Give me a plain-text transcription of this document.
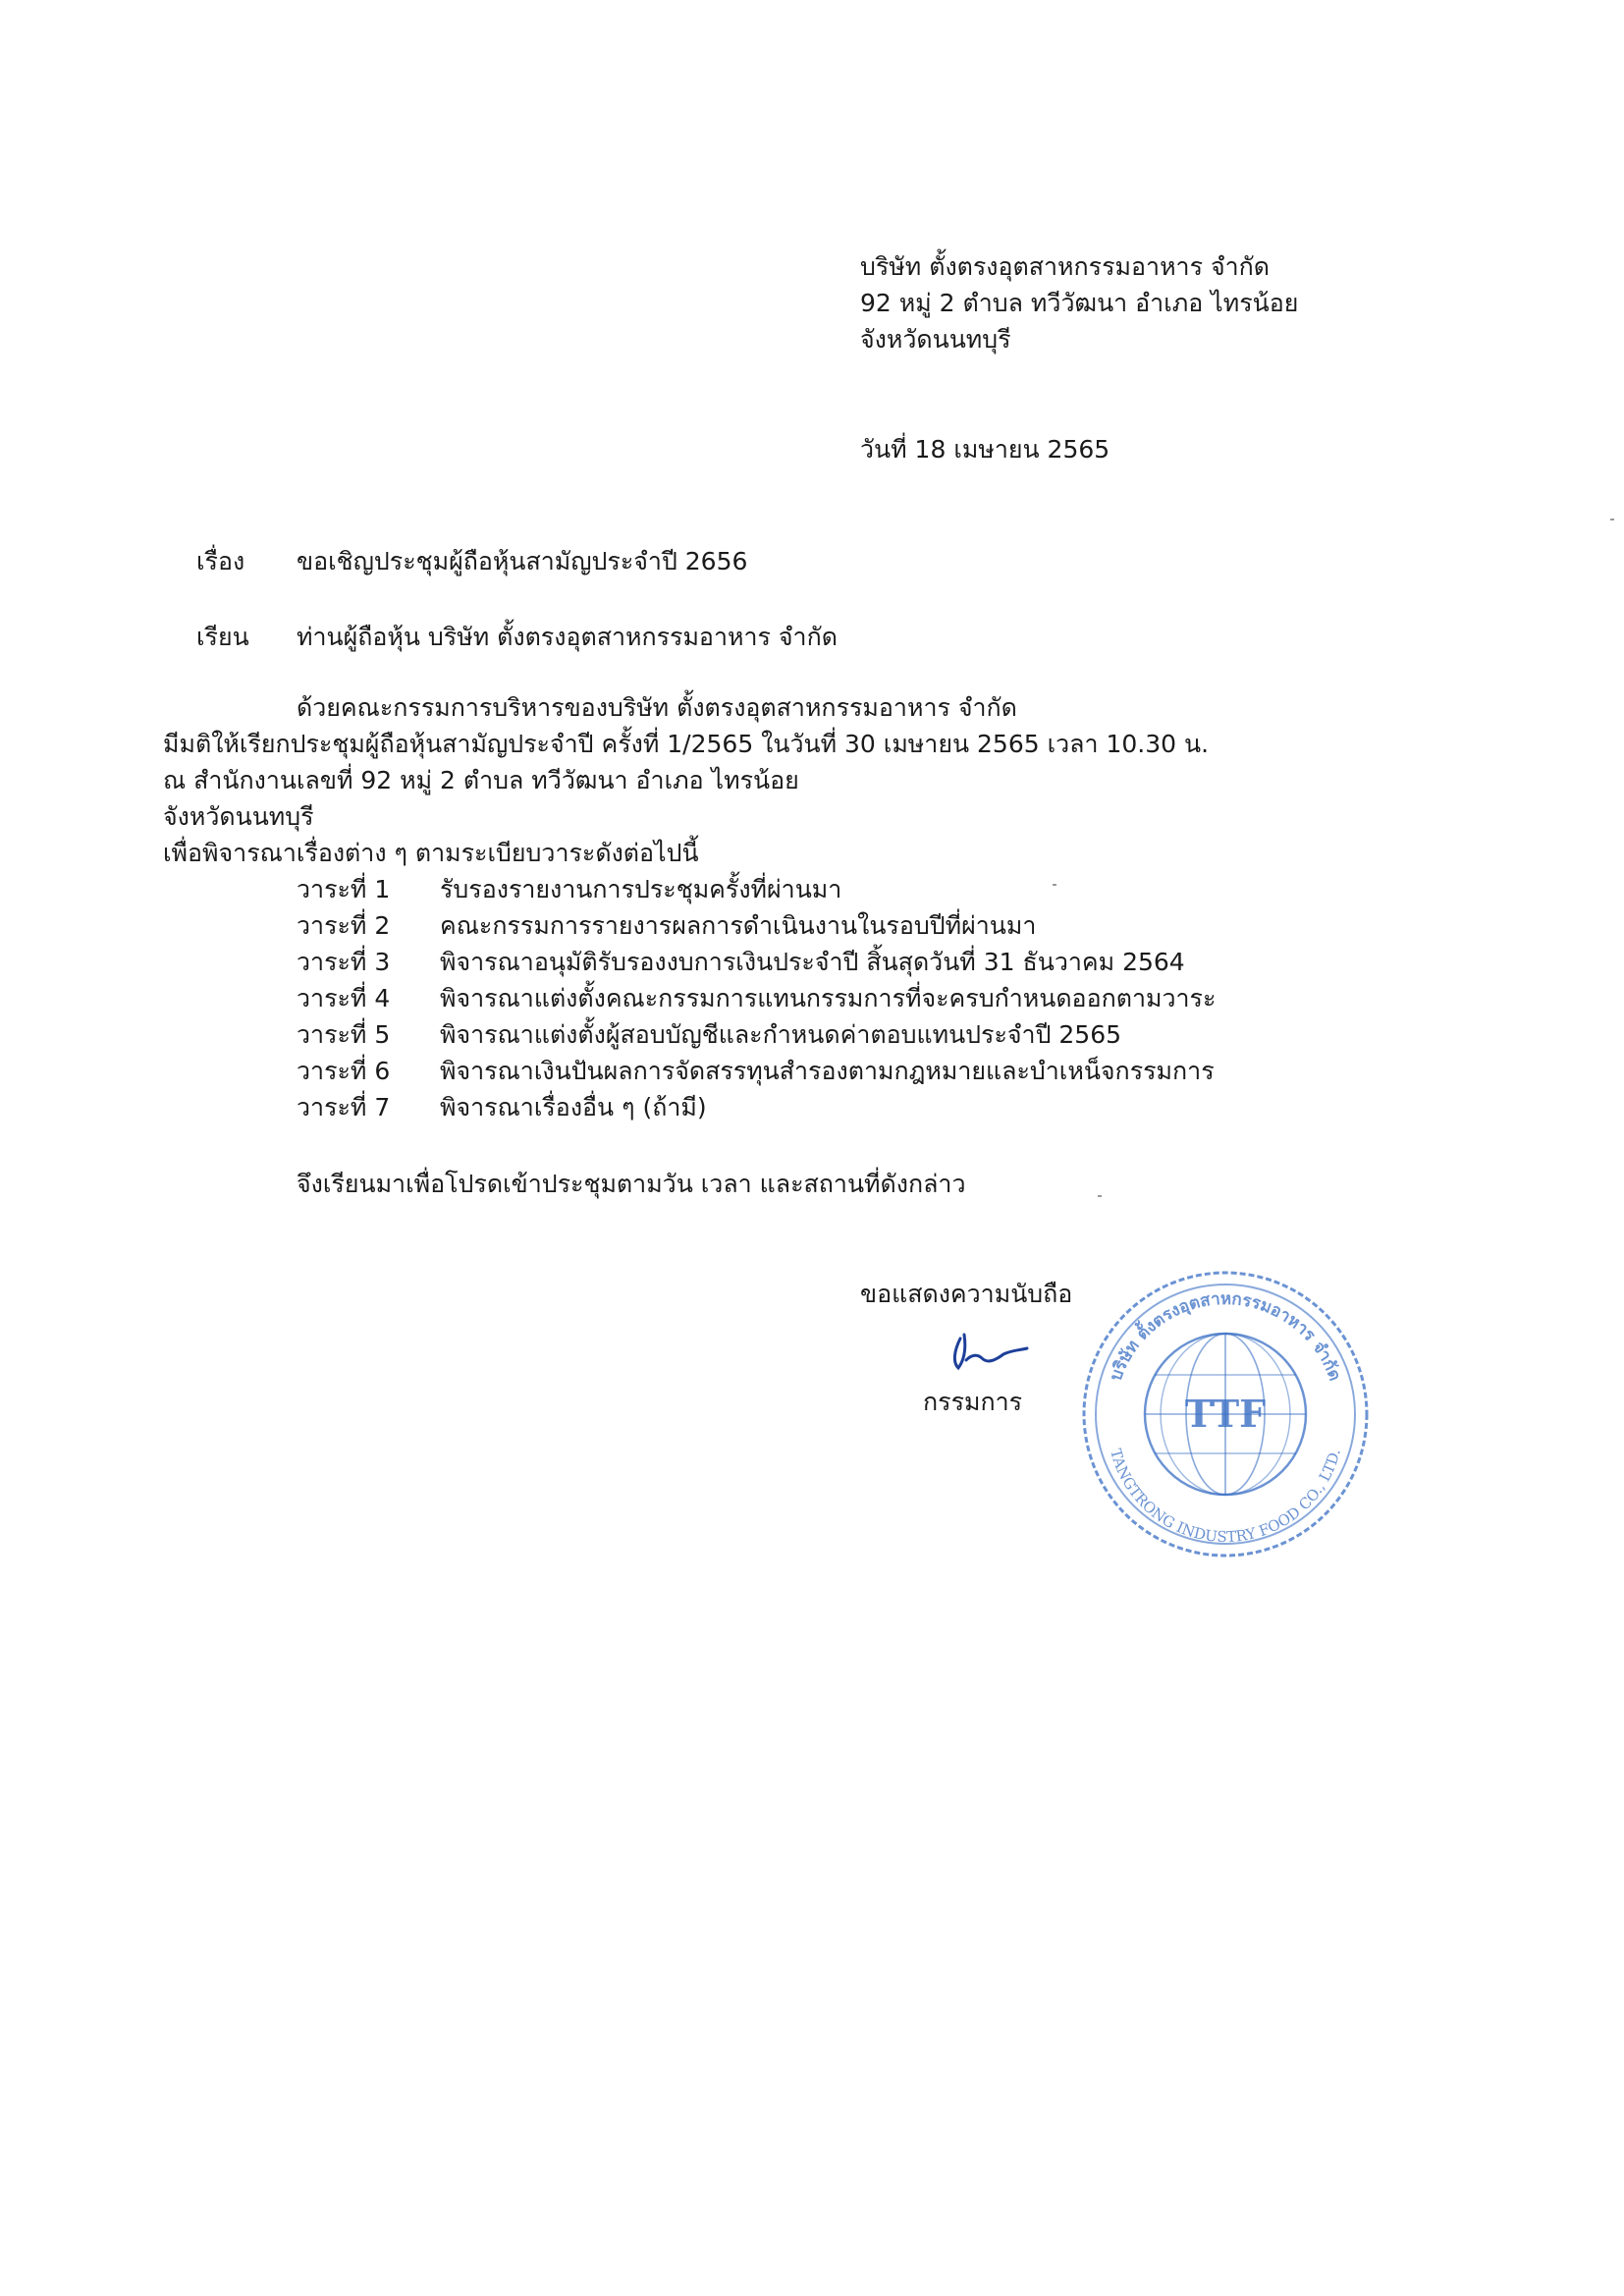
บริษัท ตั้งตรงอุตสาหกรรมอาหาร จำกัด
92 หมู่ 2 ตำบล ทวีวัฒนา อำเภอ ไทรน้อย
จังหวัดนนทบุรี
วันที่ 18 เมษายน 2565
เรื่อง ขอเชิญประชุมผู้ถือหุ้นสามัญประจำปี 2656
เรียน ท่านผู้ถือหุ้น บริษัท ตั้งตรงอุตสาหกรรมอาหาร จำกัด
ด้วยคณะกรรมการบริหารของบริษัท ตั้งตรงอุตสาหกรรมอาหาร จำกัด
มีมติให้เรียกประชุมผู้ถือหุ้นสามัญประจำปี ครั้งที่ 1/2565 ในวันที่ 30 เมษายน 2565 เวลา 10.30 น.
ณ สำนักงานเลขที่ 92 หมู่ 2 ตำบล ทวีวัฒนา อำเภอ ไทรน้อย
จังหวัดนนทบุรี
เพื่อพิจารณาเรื่องต่าง ๆ ตามระเบียบวาระดังต่อไปนี้
วาระที่ 1 รับรองรายงานการประชุมครั้งที่ผ่านมา
วาระที่ 2 คณะกรรมการรายงารผลการดำเนินงานในรอบปีที่ผ่านมา
วาระที่ 3 พิจารณาอนุมัติรับรองงบการเงินประจำปี สิ้นสุดวันที่ 31 ธันวาคม 2564
วาระที่ 4 พิจารณาแต่งตั้งคณะกรรมการแทนกรรมการที่จะครบกำหนดออกตามวาระ
วาระที่ 5 พิจารณาแต่งตั้งผู้สอบบัญชีและกำหนดค่าตอบแทนประจำปี 2565
วาระที่ 6 พิจารณาเงินปันผลการจัดสรรทุนสำรองตามกฎหมายและบำเหน็จกรรมการ
วาระที่ 7 พิจารณาเรื่องอื่น ๆ (ถ้ามี)
จึงเรียนมาเพื่อโปรดเข้าประชุมตามวัน เวลา และสถานที่ดังกล่าว
ขอแสดงความนับถือ
กรรมการ	TTF
บริษัท ตั้งตรงอุตสาหกรรมอาหาร จำกัด
TANGTRONG INDUSTRY FOOD CO., LTD.
